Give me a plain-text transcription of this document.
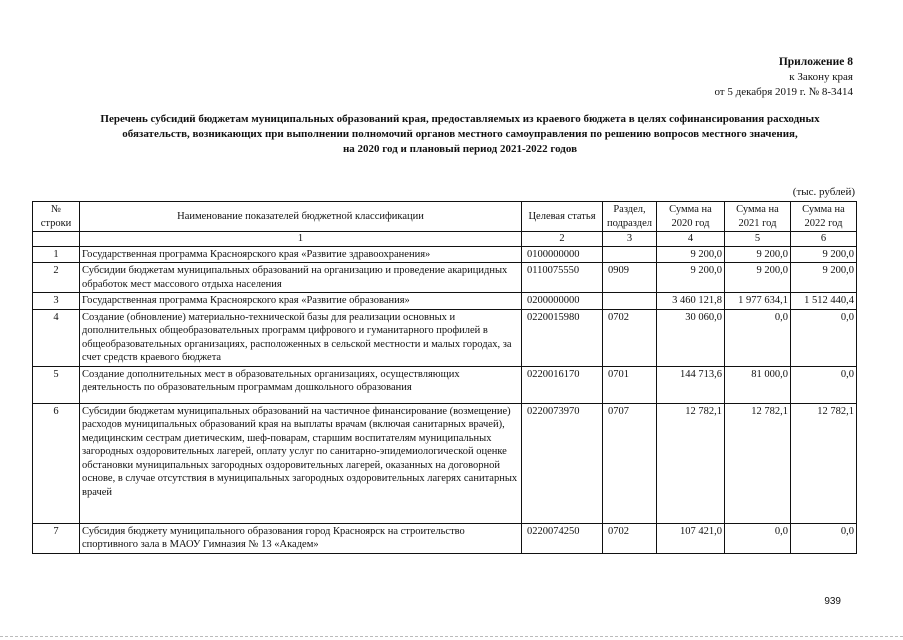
Приложение 8
к Закону края
от 5 декабря 2019 г. № 8-3414
Перечень субсидий бюджетам муниципальных образований края, предоставляемых из краевого бюджета в целях софинансирования расходных
обязательств, возникающих при выполнении полномочий органов местного самоуправления по решению вопросов местного значения,
на 2020 год и плановый период 2021-2022 годов
(тыс. рублей)
№ строки	Наименование показателей бюджетной классификации	Целевая статья	Раздел, подраздел	Сумма на 2020 год	Сумма на 2021 год	Сумма на 2022 год
	1	2	3	4	5	6
1	Государственная программа Красноярского края «Развитие здравоохранения»	0100000000		9 200,0	9 200,0	9 200,0
2	Субсидии бюджетам муниципальных образований на организацию и проведение акарицидных обработок мест массового отдыха населения	0110075550	0909	9 200,0	9 200,0	9 200,0
3	Государственная программа Красноярского края «Развитие образования»	0200000000		3 460 121,8	1 977 634,1	1 512 440,4
4	Создание (обновление) материально-технической базы для реализации основных и дополнительных общеобразовательных программ цифрового и гуманитарного профилей в общеобразовательных организациях, расположенных в сельской местности и малых городах, за счет средств краевого бюджета	0220015980	0702	30 060,0	0,0	0,0
5	Создание дополнительных мест в образовательных организациях, осуществляющих деятельность по образовательным программам дошкольного образования	0220016170	0701	144 713,6	81 000,0	0,0
6	Субсидии бюджетам муниципальных образований на частичное финансирование (возмещение) расходов муниципальных образований края на выплаты врачам (включая санитарных врачей), медицинским сестрам диетическим, шеф-поварам, старшим воспитателям муниципальных загородных оздоровительных лагерей, оплату услуг по санитарно-эпидемиологической оценке обстановки муниципальных загородных оздоровительных лагерей, оказанных на договорной основе, в случае отсутствия в муниципальных загородных оздоровительных лагерях санитарных врачей	0220073970	0707	12 782,1	12 782,1	12 782,1
7	Субсидия бюджету муниципального образования город Красноярск на строительство спортивного зала в МАОУ Гимназия № 13 «Академ»	0220074250	0702	107 421,0	0,0	0,0
939
